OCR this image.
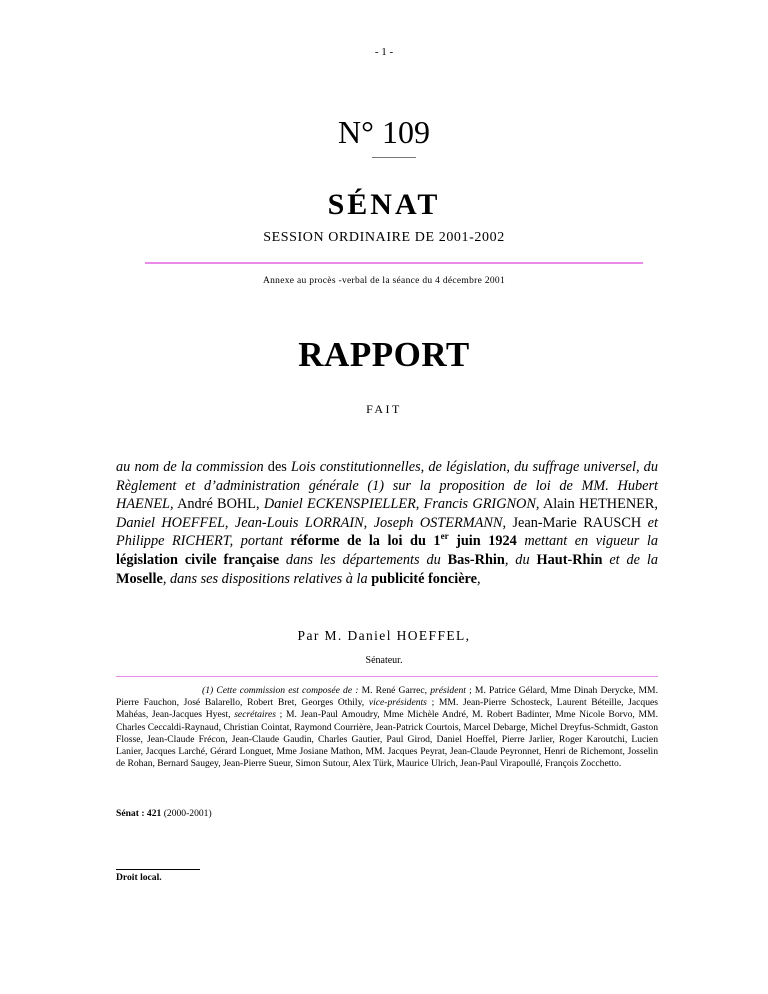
- 1 -
N° 109
SÉNAT
SESSION ORDINAIRE DE 2001-2002
Annexe au procès -verbal de la séance du 4 décembre 2001
RAPPORT
FAIT
au nom de la commission des Lois constitutionnelles, de législation, du suffrage universel, du Règlement et d’administration générale (1) sur la proposition de loi de MM. Hubert HAENEL, André BOHL, Daniel ECKENSPIELLER, Francis GRIGNON, Alain HETHENER, Daniel HOEFFEL, Jean-Louis LORRAIN, Joseph OSTERMANN, Jean-Marie RAUSCH et Philippe RICHERT, portant réforme de la loi du 1er juin 1924 mettant en vigueur la législation civile française dans les départements du Bas-Rhin, du Haut-Rhin et de la Moselle, dans ses dispositions relatives à la publicité foncière,
Par M. Daniel HOEFFEL,
Sénateur.
(1) Cette commission est composée de : M. René Garrec, président ; M. Patrice Gélard, Mme Dinah Derycke, MM. Pierre Fauchon, José Balarello, Robert Bret, Georges Othily, vice-présidents ; MM. Jean-Pierre Schosteck, Laurent Béteille, Jacques Mahéas, Jean-Jacques Hyest, secrétaires ; M. Jean-Paul Amoudry, Mme Michèle André, M. Robert Badinter, Mme Nicole Borvo, MM. Charles Ceccaldi-Raynaud, Christian Cointat, Raymond Courrière, Jean-Patrick Courtois, Marcel Debarge, Michel Dreyfus-Schmidt, Gaston Flosse, Jean-Claude Frécon, Jean-Claude Gaudin, Charles Gautier, Paul Girod, Daniel Hoeffel, Pierre Jarlier, Roger Karoutchi, Lucien Lanier, Jacques Larché, Gérard Longuet, Mme Josiane Mathon, MM. Jacques Peyrat, Jean-Claude Peyronnet, Henri de Richemont, Josselin de Rohan, Bernard Saugey, Jean-Pierre Sueur, Simon Sutour, Alex Türk, Maurice Ulrich, Jean-Paul Virapoullé, François Zocchetto.
Sénat : 421 (2000-2001)
Droit local.
